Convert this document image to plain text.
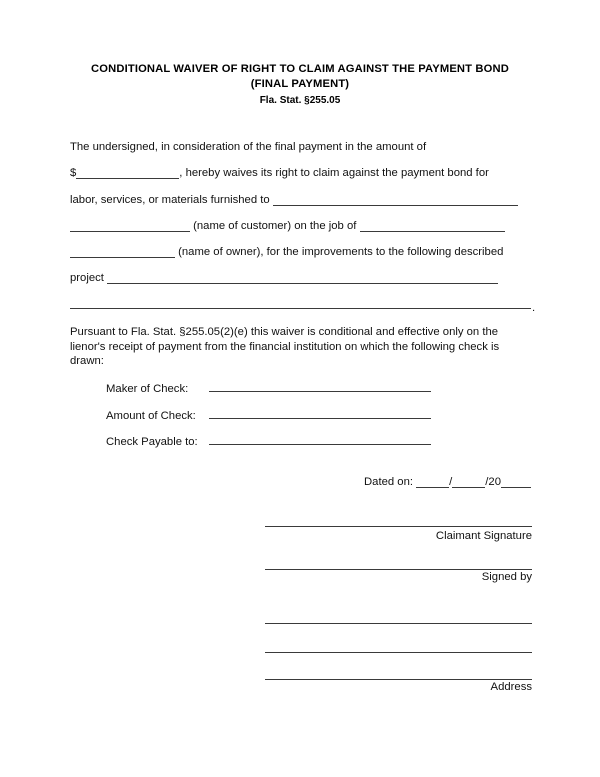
CONDITIONAL WAIVER OF RIGHT TO CLAIM AGAINST THE PAYMENT BOND
(FINAL PAYMENT)
Fla. Stat. §255.05
The undersigned, in consideration of the final payment in the amount of
$	, hereby waives its right to claim against the payment bond for
labor, services, or materials furnished to
(name of customer) on the job of
(name of owner), for the improvements to the following described
project
.
Pursuant to Fla. Stat. §255.05(2)(e) this waiver is conditional and effective only on the lienor's receipt of payment from the financial institution on which the following check is drawn:
Maker of Check:
Amount of Check:
Check Payable to:
Dated on:	/	/20
Claimant Signature
Signed by
Address
